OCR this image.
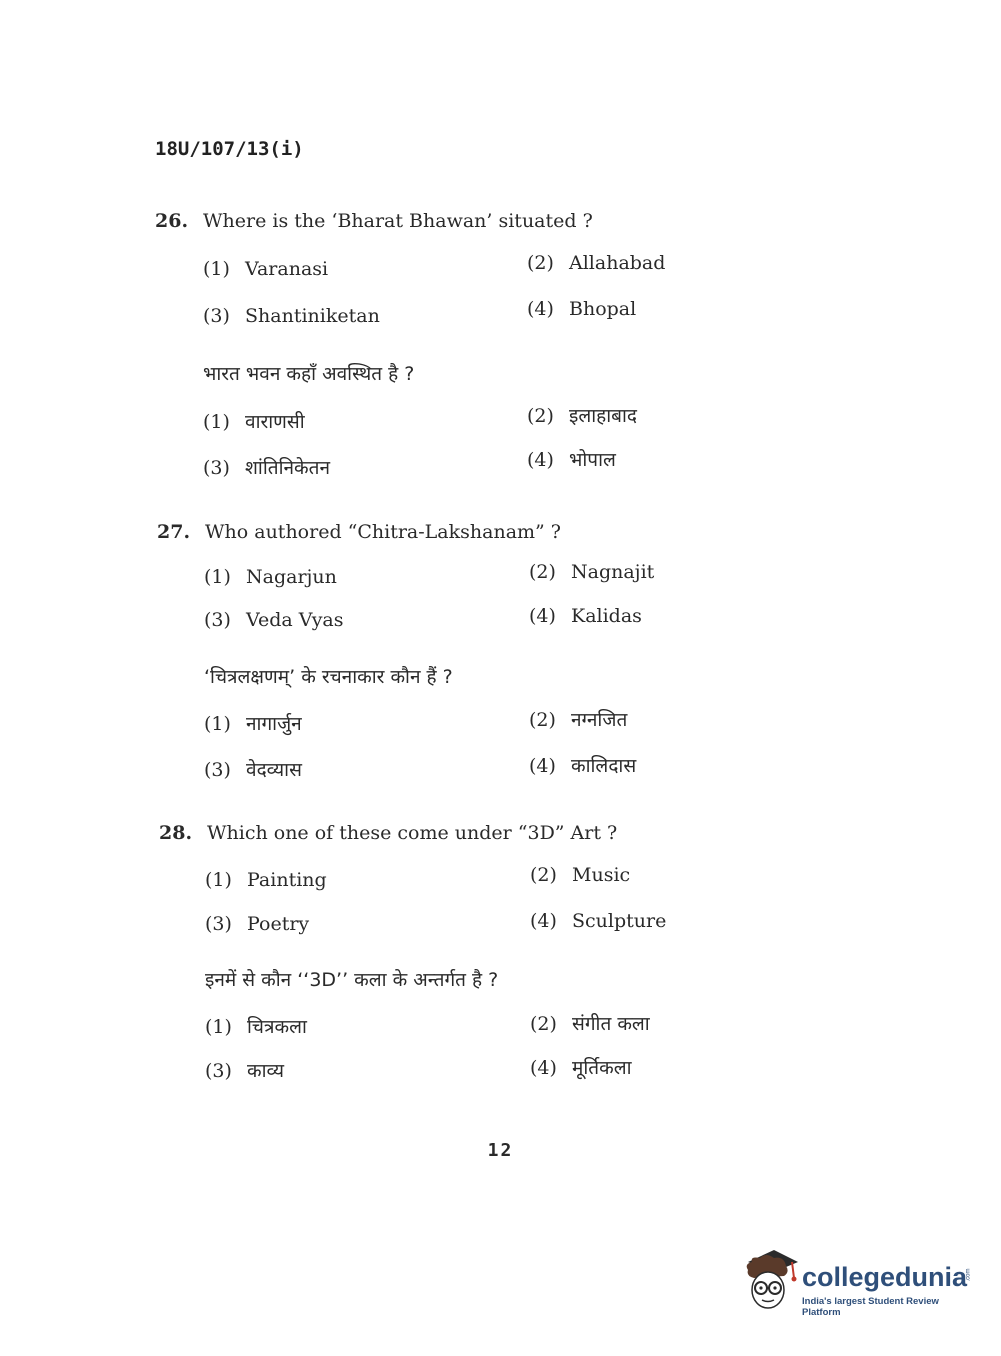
18U/107/13(i)
26. Where is the ‘Bharat Bhawan’ situated ?
(1) Varanasi	(2) Allahabad
(3) Shantiniketan	(4) Bhopal
भारत भवन कहाँ अवस्थित है ?
(1) वाराणसी	(2) इलाहाबाद
(3) शांतिनिकेतन	(4) भोपाल
27. Who authored “Chitra-Lakshanam” ?
(1) Nagarjun	(2) Nagnajit
(3) Veda Vyas	(4) Kalidas
‘चित्रलक्षणम्’ के रचनाकार कौन हैं ?
(1) नागार्जुन	(2) नग्नजित
(3) वेदव्यास	(4) कालिदास
28. Which one of these come under “3D” Art ?
(1) Painting	(2) Music
(3) Poetry	(4) Sculpture
इनमें से कौन ‘‘3D’’ कला के अन्तर्गत है ?
(1) चित्रकला	(2) संगीत कला
(3) काव्य	(4) मूर्तिकला
12
collegedunia
.com
India's largest Student Review Platform
